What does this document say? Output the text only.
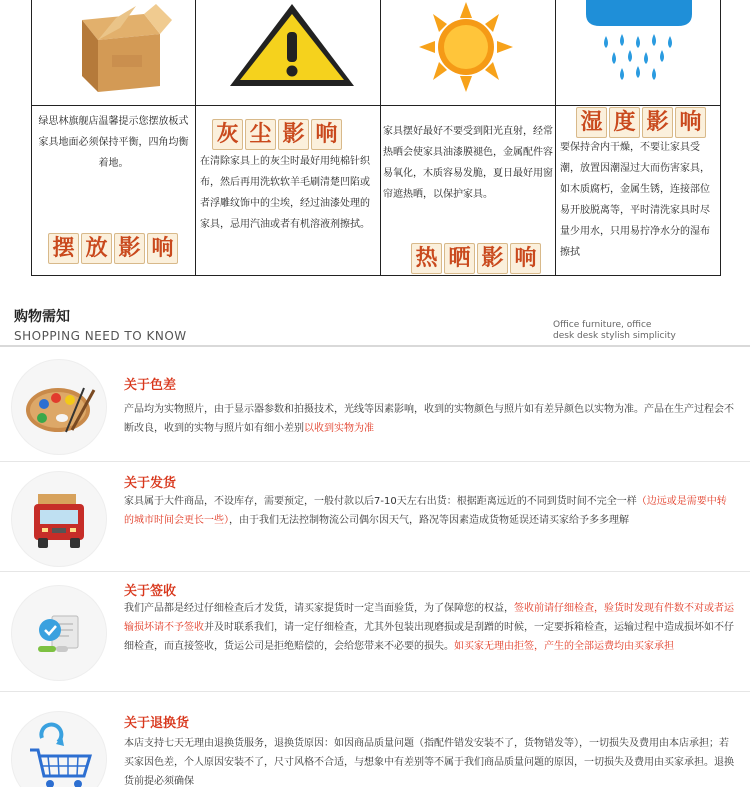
绿思林旗舰店温馨提示您摆放板式家具地面必须保持平衡，四角均衡着地。

摆 放 影 响
灰 尘 影 响

在清除家具上的灰尘时最好用纯棉针织布，然后再用洗软软羊毛刷清楚凹陷或者浮雕纹饰中的尘埃，经过油漆处理的家具，忌用汽油或者有机溶液剂擦拭。

家具摆好最好不要受到阳光直射，经常热晒会使家具油漆膜褪色，金属配件容易氧化，木质容易发脆，夏日最好用窗帘遮热晒，以保护家具。

热 晒 影 响
湿 度 影 响

要保持舍内干燥，不要让家具受潮，放置因潮湿过大而伤害家具，如木质腐朽，金属生锈，连接部位易开胶脱离等，平时清洗家具时尽量少用水，只用易拧净水分的湿布擦拭

购物需知
SHOPPING NEED TO KNOW
Office furniture, office
desk desk stylish simplicity
关于色差
产品均为实物照片，由于显示器参数和拍摄技术，光线等因素影响，收到的实物颜色与照片如有差异颜色以实物为准。产品在生产过程会不断改良，收到的实物与照片如有细小差别以收到实物为准
关于发货
家具属于大件商品，不设库存，需要预定，一般付款以后7-10天左右出货：根据距离远近的不同到货时间不完全一样（边远或是需要中转的城市时间会更长一些），由于我们无法控制物流公司偶尔因天气，路况等因素造成货物延误还请买家给予多多理解
关于签收
我们产品都是经过仔细检查后才发货，请买家提货时一定当面验货，为了保障您的权益，签收前请仔细检查，验货时发现有件数不对或者运输损坏请不予签收并及时联系我们，请一定仔细检查，尤其外包装出现磨损或是刮蹭的时候，一定要拆箱检查，运输过程中造成损坏如不仔细检查，而直接签收，货运公司是拒绝赔偿的，会给您带来不必要的损失。如买家无理由拒签，产生的全部运费均由买家承担
关于退换货
本店支持七天无理由退换货服务，退换货原因：如因商品质量问题（指配件错发安装不了，货物错发等），一切损失及费用由本店承担；若买家因色差，个人原因安装不了，尺寸风格不合适，与想象中有差别等不属于我们商品质量问题的原因，一切损失及费用由买家承担。退换货前提必须确保
